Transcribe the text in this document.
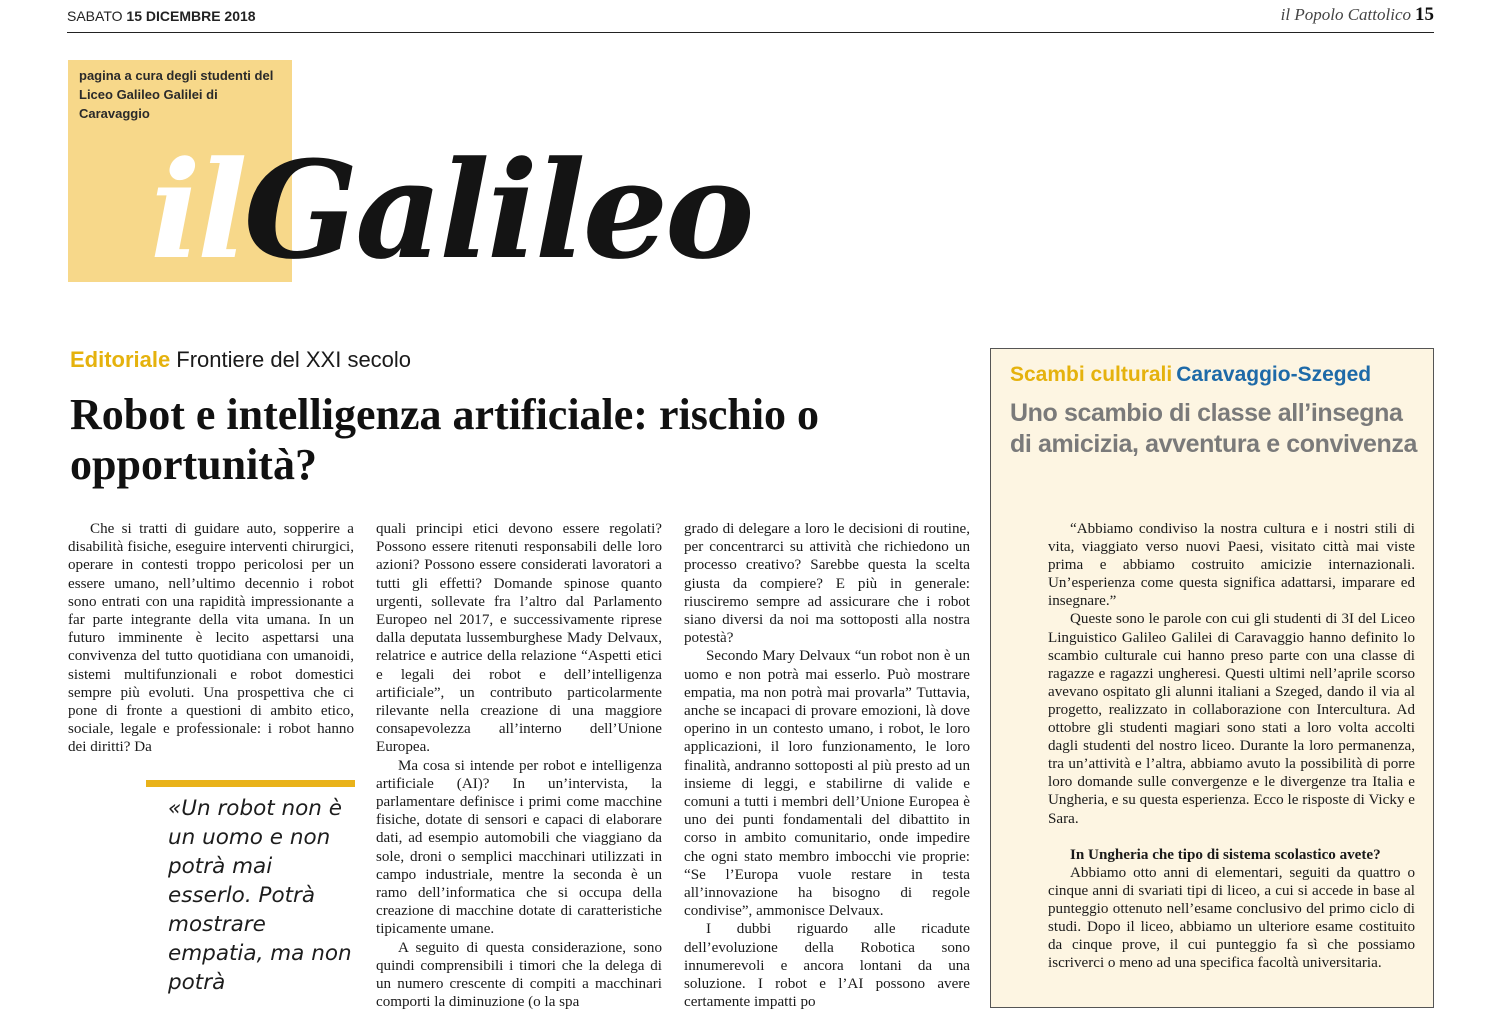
SABATO 15 DICEMBRE 2018	il Popolo Cattolico 15
pagina a cura degli studenti del Liceo Galileo Galilei di Caravaggio
ilGalileo
Editoriale Frontiere del XXI secolo
Robot e intelligenza artificiale: rischio o opportunità?

Che si tratti di guidare auto, sopperire a disabilità fisiche, eseguire interventi chirurgici, operare in contesti troppo pericolosi per un essere umano, nell’ultimo decennio i robot sono entrati con una rapidità impressionante a far parte integrante della vita umana. In un futuro imminente è lecito aspettarsi una convivenza del tutto quotidiana con umanoidi, sistemi multifunzionali e robot domestici sempre più evoluti. Una prospettiva che ci pone di fronte a questioni di ambito etico, sociale, legale e professionale: i robot hanno dei diritti? Da

quali principi etici devono essere regolati? Possono essere ritenuti responsabili delle loro azioni? Possono essere considerati lavoratori a tutti gli effetti? Domande spinose quanto urgenti, sollevate fra l’altro dal Parlamento Europeo nel 2017, e successivamente riprese dalla deputata lussemburghese Mady Delvaux, relatrice e autrice della relazione “Aspetti etici e legali dei robot e dell’intelligenza artificiale”, un contributo particolarmente rilevante nella creazione di una maggiore consapevolezza all’interno dell’Unione Europea.

Ma cosa si intende per robot e intelligenza artificiale (AI)? In un’intervista, la parlamentare definisce i primi come macchine fisiche, dotate di sensori e capaci di elaborare dati, ad esempio automobili che viaggiano da sole, droni o semplici macchinari utilizzati in campo industriale, mentre la seconda è un ramo dell’informatica che si occupa della creazione di macchine dotate di caratteristiche tipicamente umane.

A seguito di questa considerazione, sono quindi comprensibili i timori che la delega di un numero crescente di compiti a macchinari comporti la diminuzione (o la spa

grado di delegare a loro le decisioni di routine, per concentrarci su attività che richiedono un processo creativo? Sarebbe questa la scelta giusta da compiere? E più in generale: riusciremo sempre ad assicurare che i robot siano diversi da noi ma sottoposti alla nostra potestà?

Secondo Mary Delvaux “un robot non è un uomo e non potrà mai esserlo. Può mostrare empatia, ma non potrà mai provarla” Tuttavia, anche se incapaci di provare emozioni, là dove operino in un contesto umano, i robot, le loro applicazioni, il loro funzionamento, le loro finalità, andranno sottoposti al più presto ad un insieme di leggi, e stabilirne di valide e comuni a tutti i membri dell’Unione Europea è uno dei punti fondamentali del dibattito in corso in ambito comunitario, onde impedire che ogni stato membro imbocchi vie proprie: “Se l’Europa vuole restare in testa all’innovazione ha bisogno di regole condivise”, ammonisce Delvaux.

I dubbi riguardo alle ricadute dell’evoluzione della Robotica sono innumerevoli e ancora lontani da una soluzione. I robot e l’AI possono avere certamente impatti po

«Un robot non è un uomo e non potrà mai esserlo. Potrà mostrare empatia, ma non potrà
Scambi culturali Caravaggio-Szeged
Uno scambio di classe all’insegna di amicizia, avventura e convivenza

“Abbiamo condiviso la nostra cultura e i nostri stili di vita, viaggiato verso nuovi Paesi, visitato città mai viste prima e abbiamo costruito amicizie internazionali. Un’esperienza come questa significa adattarsi, imparare ed insegnare.”

Queste sono le parole con cui gli studenti di 3I del Liceo Linguistico Galileo Galilei di Caravaggio hanno definito lo scambio culturale cui hanno preso parte con una classe di ragazze e ragazzi ungheresi. Questi ultimi nell’aprile scorso avevano ospitato gli alunni italiani a Szeged, dando il via al progetto, realizzato in collaborazione con Intercultura. Ad ottobre gli studenti magiari sono stati a loro volta accolti dagli studenti del nostro liceo. Durante la loro permanenza, tra un’attività e l’altra, abbiamo avuto la possibilità di porre loro domande sulle convergenze e le divergenze tra Italia e Ungheria, e su questa esperienza. Ecco le risposte di Vicky e Sara.

In Ungheria che tipo di sistema scolastico avete?

Abbiamo otto anni di elementari, seguiti da quattro o cinque anni di svariati tipi di liceo, a cui si accede in base al punteggio ottenuto nell’esame conclusivo del primo ciclo di studi. Dopo il liceo, abbiamo un ulteriore esame costituito da cinque prove, il cui punteggio fa sì che possiamo iscriverci o meno ad una specifica facoltà universitaria.
